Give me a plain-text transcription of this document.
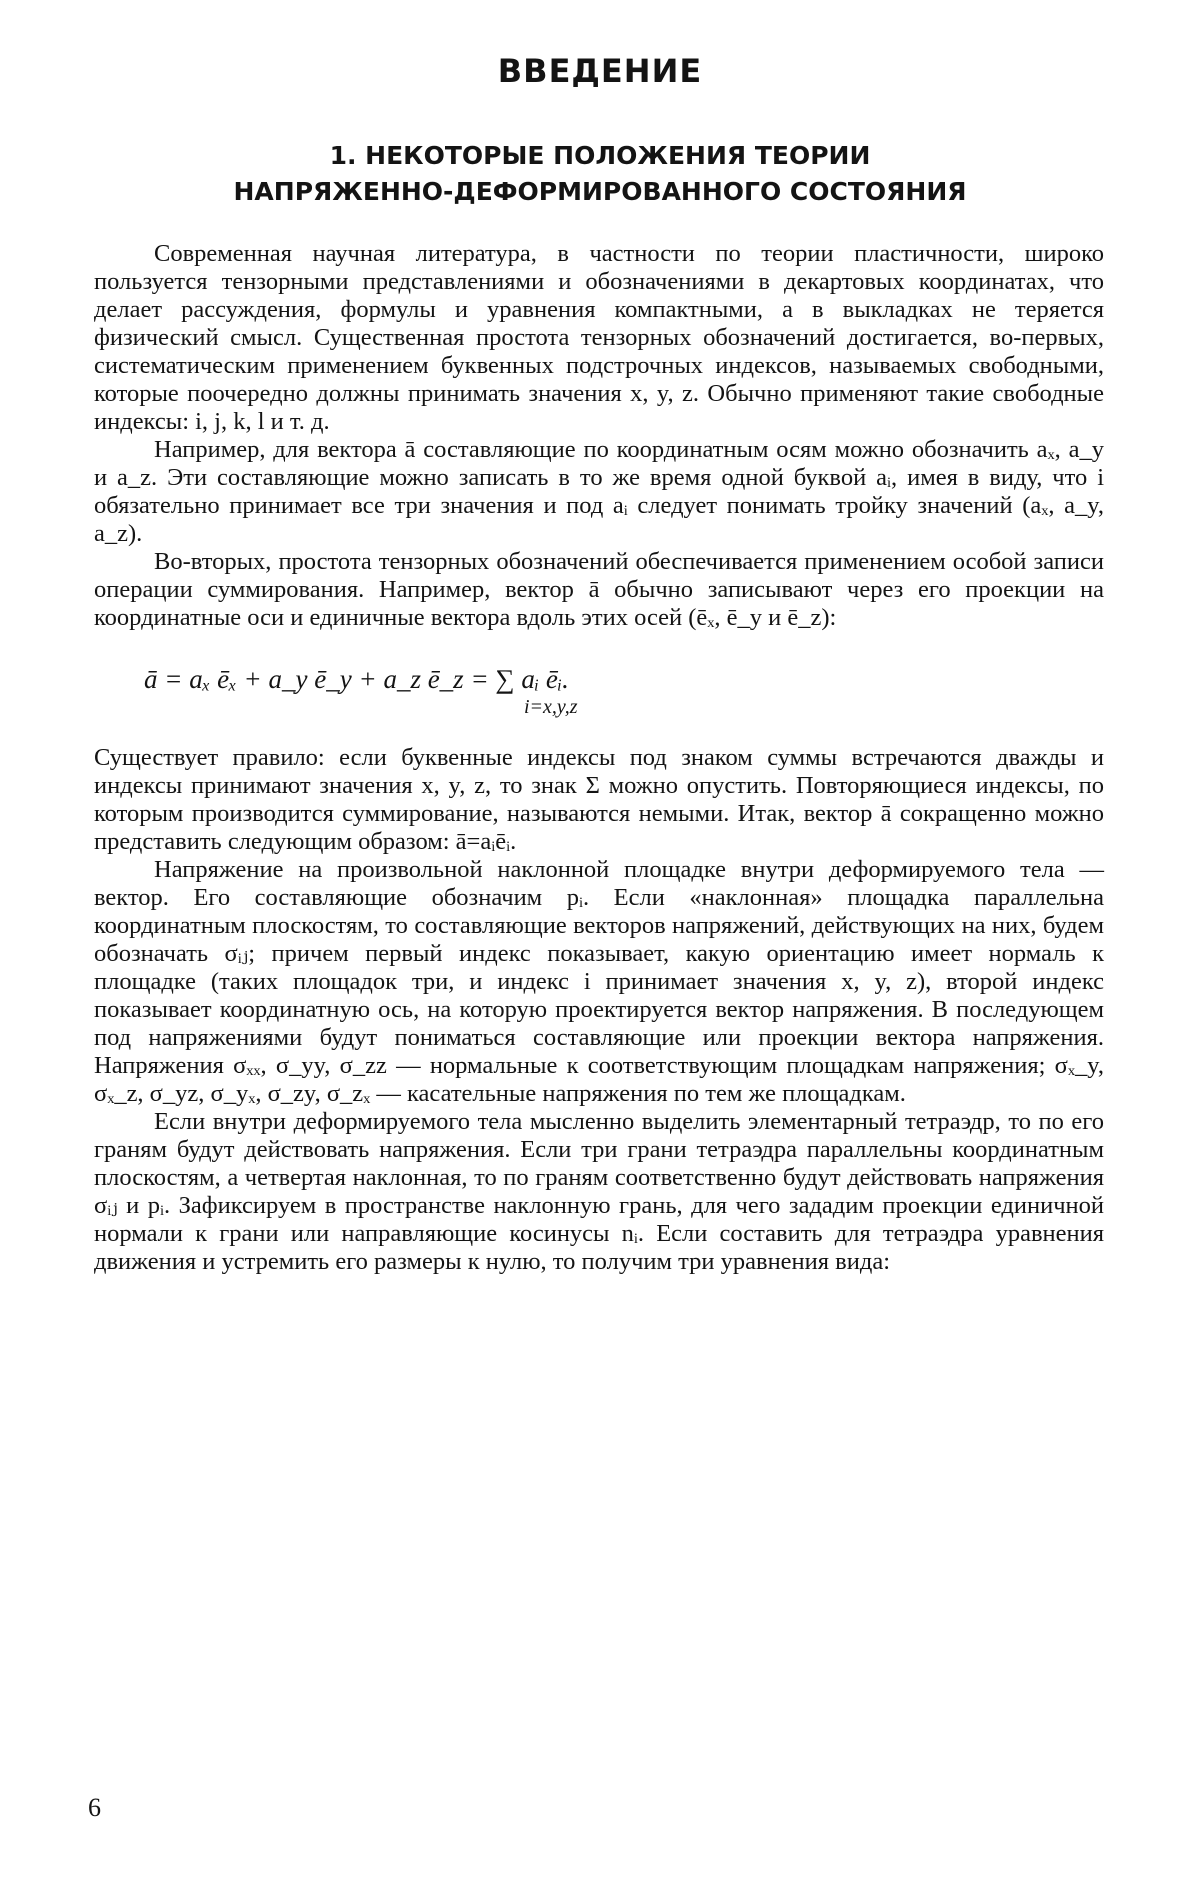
ВВЕДЕНИЕ
1. НЕКОТОРЫЕ ПОЛОЖЕНИЯ ТЕОРИИ
НАПРЯЖЕННО-ДЕФОРМИРОВАННОГО СОСТОЯНИЯ

Современная научная литература, в частности по теории пластичности, широко пользуется тензорными представлениями и обозначениями в декартовых координатах, что делает рассуждения, формулы и уравнения компактными, а в выкладках не теряется физический смысл. Существенная простота тензорных обозначений достигается, во-первых, систематическим применением буквенных подстрочных индексов, называемых свободными, которые поочередно должны принимать значения x, y, z. Обычно применяют такие свободные индексы: i, j, k, l и т. д.

Например, для вектора ā составляющие по координатным осям можно обозначить aₓ, a_y и a_z. Эти составляющие можно записать в то же время одной буквой aᵢ, имея в виду, что i обязательно принимает все три значения и под aᵢ следует понимать тройку значений (aₓ, a_y, a_z).

Во-вторых, простота тензорных обозначений обеспечивается применением особой записи операции суммирования. Например, вектор ā обычно записывают через его проекции на координатные оси и единичные вектора вдоль этих осей (ēₓ, ē_y и ē_z):

ā = aₓ ēₓ + a_y ē_y + a_z ē_z = ∑ aᵢ ēᵢ.
i=x,y,z

Существует правило: если буквенные индексы под знаком суммы встречаются дважды и индексы принимают значения x, y, z, то знак Σ можно опустить. Повторяющиеся индексы, по которым производится суммирование, называются немыми. Итак, вектор ā сокращенно можно представить следующим образом: ā=aᵢēᵢ.

Напряжение на произвольной наклонной площадке внутри деформируемого тела — вектор. Его составляющие обозначим pᵢ. Если «наклонная» площадка параллельна координатным плоскостям, то составляющие векторов напряжений, действующих на них, будем обозначать σᵢⱼ; причем первый индекс показывает, какую ориентацию имеет нормаль к площадке (таких площадок три, и индекс i принимает значения x, y, z), второй индекс показывает координатную ось, на которую проектируется вектор напряжения. В последующем под напряжениями будут пониматься составляющие или проекции вектора напряжения. Напряжения σₓₓ, σ_yy, σ_zz — нормальные к соответствующим площадкам напряжения; σₓ_y, σₓ_z, σ_yz, σ_yₓ, σ_zy, σ_zₓ — касательные напряжения по тем же площадкам.

Если внутри деформируемого тела мысленно выделить элементарный тетраэдр, то по его граням будут действовать напряжения. Если три грани тетраэдра параллельны координатным плоскостям, а четвертая наклонная, то по граням соответственно будут действовать напряжения σᵢⱼ и pᵢ. Зафиксируем в пространстве наклонную грань, для чего зададим проекции единичной нормали к грани или направляющие косинусы nᵢ. Если составить для тетраэдра уравнения движения и устремить его размеры к нулю, то получим три уравнения вида:

6
